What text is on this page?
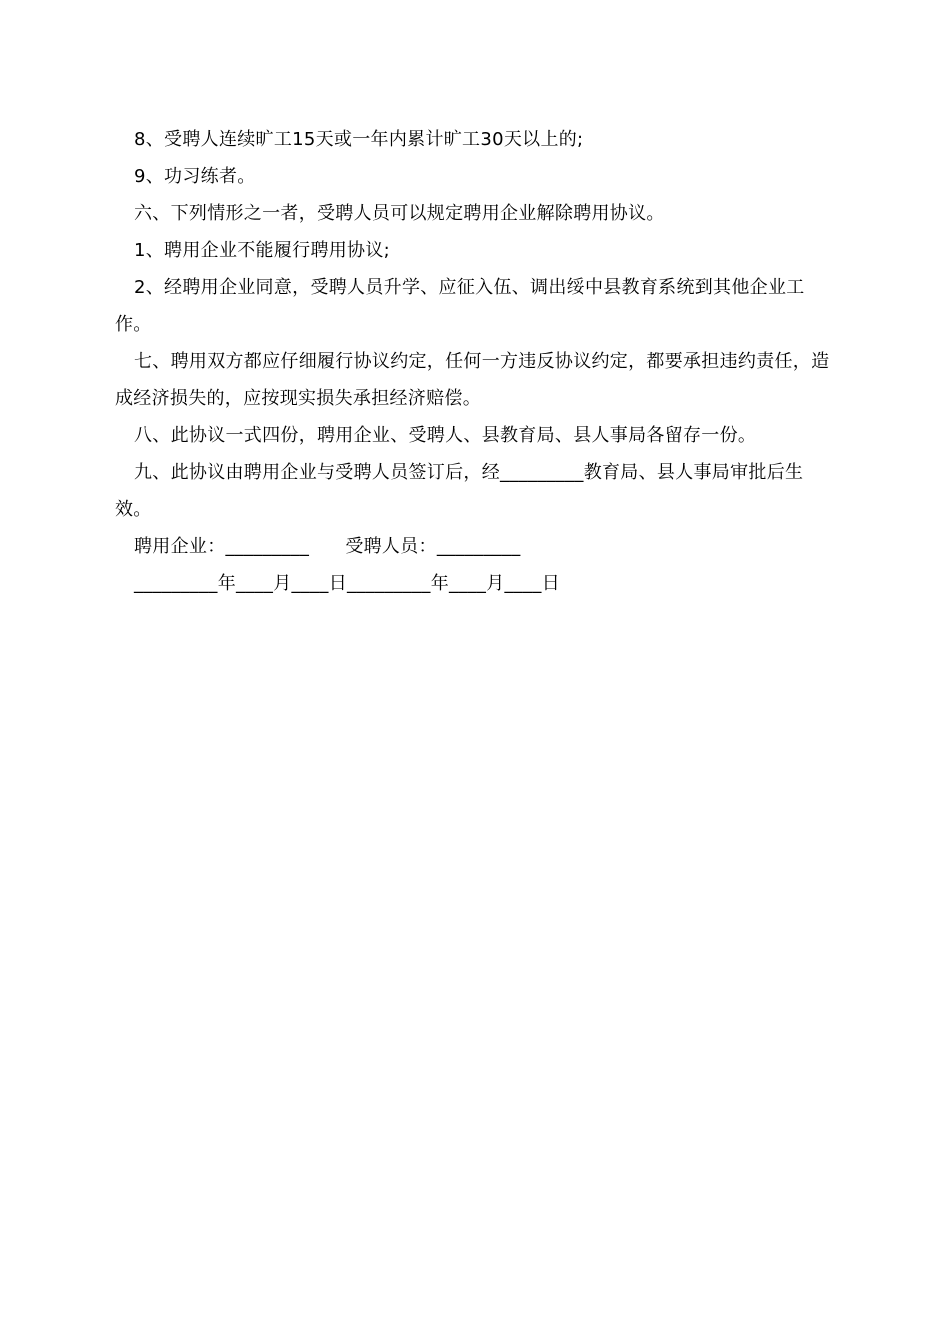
8、受聘人连续旷工15天或一年内累计旷工30天以上的;

9、功习练者。

六、下列情形之一者，受聘人员可以规定聘用企业解除聘用协议。

1、聘用企业不能履行聘用协议;

2、经聘用企业同意，受聘人员升学、应征入伍、调出绥中县教育系统到其他企业工作。

七、聘用双方都应仔细履行协议约定，任何一方违反协议约定，都要承担违约责任，造成经济损失的，应按现实损失承担经济赔偿。

八、此协议一式四份，聘用企业、受聘人、县教育局、县人事局各留存一份。

九、此协议由聘用企业与受聘人员签订后，经_________教育局、县人事局审批后生效。

聘用企业：_________      受聘人员：_________

_________年____月____日_________年____月____日
